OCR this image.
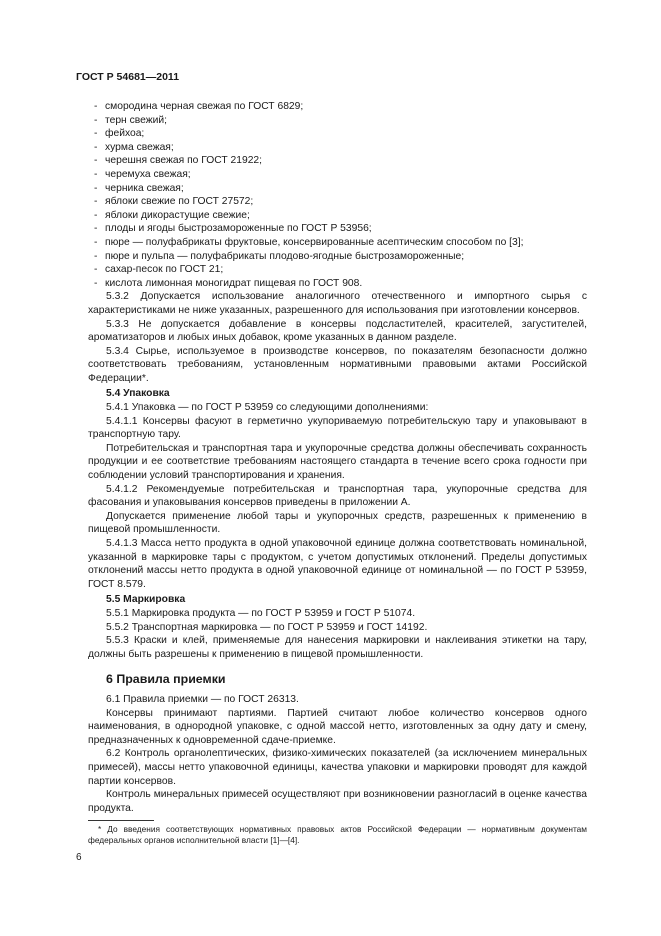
ГОСТ Р 54681—2011
- смородина черная свежая по ГОСТ 6829;
- терн свежий;
- фейхоа;
- хурма свежая;
- черешня свежая по ГОСТ 21922;
- черемуха свежая;
- черника свежая;
- яблоки свежие по ГОСТ 27572;
- яблоки дикорастущие свежие;
- плоды и ягоды быстрозамороженные по ГОСТ Р 53956;
- пюре — полуфабрикаты фруктовые, консервированные асептическим способом по [3];
- пюре и пульпа — полуфабрикаты плодово-ягодные быстрозамороженные;
- сахар-песок по ГОСТ 21;
- кислота лимонная моногидрат пищевая по ГОСТ 908.
5.3.2 Допускается использование аналогичного отечественного и импортного сырья с характеристиками не ниже указанных, разрешенного для использования при изготовлении консервов.
5.3.3 Не допускается добавление в консервы подсластителей, красителей, загустителей, ароматизаторов и любых иных добавок, кроме указанных в данном разделе.
5.3.4 Сырье, используемое в производстве консервов, по показателям безопасности должно соответствовать требованиям, установленным нормативными правовыми актами Российской Федерации*.
5.4 Упаковка
5.4.1 Упаковка — по ГОСТ Р 53959 со следующими дополнениями:
5.4.1.1 Консервы фасуют в герметично укупориваемую потребительскую тару и упаковывают в транспортную тару.
Потребительская и транспортная тара и укупорочные средства должны обеспечивать сохранность продукции и ее соответствие требованиям настоящего стандарта в течение всего срока годности при соблюдении условий транспортирования и хранения.
5.4.1.2 Рекомендуемые потребительская и транспортная тара, укупорочные средства для фасования и упаковывания консервов приведены в приложении А.
Допускается применение любой тары и укупорочных средств, разрешенных к применению в пищевой промышленности.
5.4.1.3 Масса нетто продукта в одной упаковочной единице должна соответствовать номинальной, указанной в маркировке тары с продуктом, с учетом допустимых отклонений. Пределы допустимых отклонений массы нетто продукта в одной упаковочной единице от номинальной — по ГОСТ Р 53959, ГОСТ 8.579.
5.5 Маркировка
5.5.1 Маркировка продукта — по ГОСТ Р 53959 и ГОСТ Р 51074.
5.5.2 Транспортная маркировка — по ГОСТ Р 53959 и ГОСТ 14192.
5.5.3 Краски и клей, применяемые для нанесения маркировки и наклеивания этикетки на тару, должны быть разрешены к применению в пищевой промышленности.
6 Правила приемки
6.1 Правила приемки — по ГОСТ 26313.
Консервы принимают партиями. Партией считают любое количество консервов одного наименования, в однородной упаковке, с одной массой нетто, изготовленных за одну дату и смену, предназначенных к одновременной сдаче-приемке.
6.2 Контроль органолептических, физико-химических показателей (за исключением минеральных примесей), массы нетто упаковочной единицы, качества упаковки и маркировки проводят для каждой партии консервов.
Контроль минеральных примесей осуществляют при возникновении разногласий в оценке качества продукта.
* До введения соответствующих нормативных правовых актов Российской Федерации — нормативным документам федеральных органов исполнительной власти [1]—[4].
6
